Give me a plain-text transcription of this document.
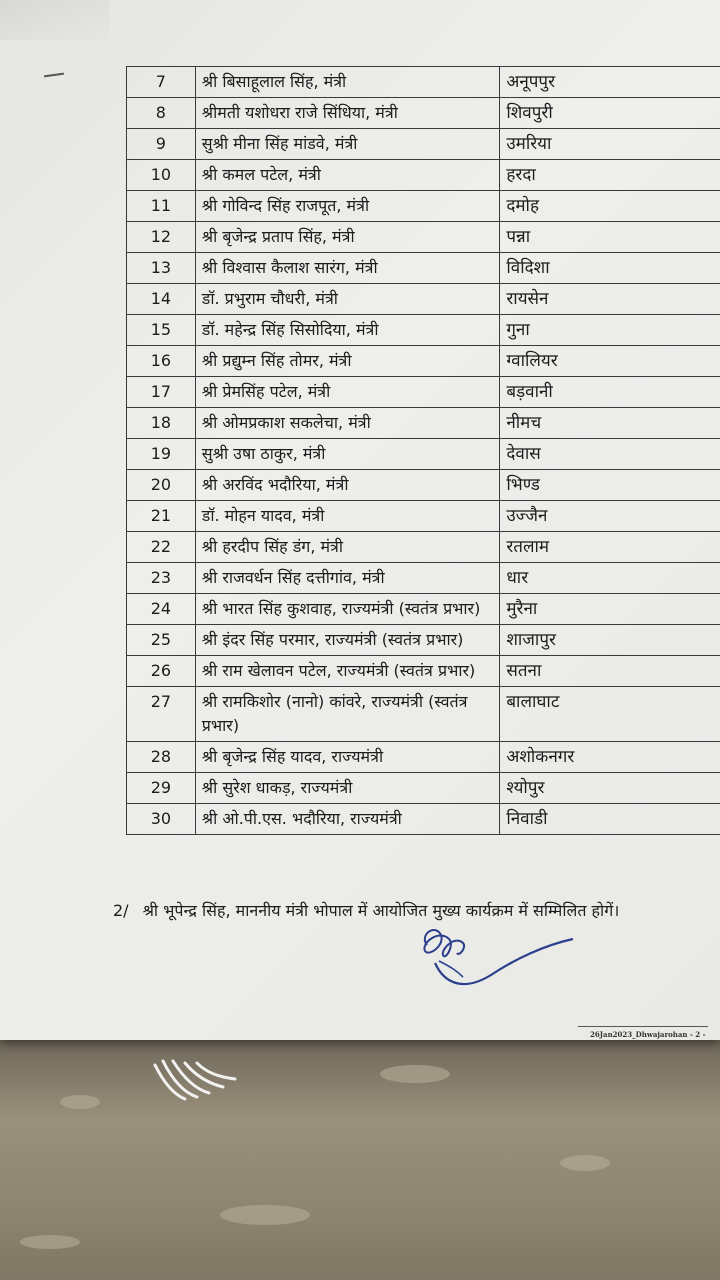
7	श्री बिसाहूलाल सिंह, मंत्री	अनूपपुर
8	श्रीमती यशोधरा राजे सिंधिया, मंत्री	शिवपुरी
9	सुश्री मीना सिंह मांडवे, मंत्री	उमरिया
10	श्री कमल पटेल, मंत्री	हरदा
11	श्री गोविन्द सिंह राजपूत, मंत्री	दमोह
12	श्री बृजेन्द्र प्रताप सिंह, मंत्री	पन्ना
13	श्री विश्वास कैलाश सारंग, मंत्री	विदिशा
14	डॉ. प्रभुराम चौधरी, मंत्री	रायसेन
15	डॉ. महेन्द्र सिंह सिसोदिया, मंत्री	गुना
16	श्री प्रद्युम्न सिंह तोमर, मंत्री	ग्वालियर
17	श्री प्रेमसिंह पटेल, मंत्री	बड़वानी
18	श्री ओमप्रकाश सकलेचा, मंत्री	नीमच
19	सुश्री उषा ठाकुर, मंत्री	देवास
20	श्री अरविंद भदौरिया, मंत्री	भिण्ड
21	डॉ. मोहन यादव, मंत्री	उज्जैन
22	श्री हरदीप सिंह डंग, मंत्री	रतलाम
23	श्री राजवर्धन सिंह दत्तीगांव, मंत्री	धार
24	श्री भारत सिंह कुशवाह, राज्यमंत्री (स्वतंत्र प्रभार)	मुरैना
25	श्री इंदर सिंह परमार, राज्यमंत्री (स्वतंत्र प्रभार)	शाजापुर
26	श्री राम खेलावन पटेल, राज्यमंत्री (स्वतंत्र प्रभार)	सतना
27	श्री रामकिशोर (नानो) कांवरे, राज्यमंत्री (स्वतंत्र प्रभार)	बालाघाट
28	श्री बृजेन्द्र सिंह यादव, राज्यमंत्री	अशोकनगर
29	श्री सुरेश धाकड़, राज्यमंत्री	श्योपुर
30	श्री ओ.पी.एस. भदौरिया, राज्यमंत्री	निवाडी
2/ श्री भूपेन्द्र सिंह, माननीय मंत्री भोपाल में आयोजित मुख्य कार्यक्रम में सम्मिलित होगें।
26Jan2023_Dhwajarohan - 2 -
